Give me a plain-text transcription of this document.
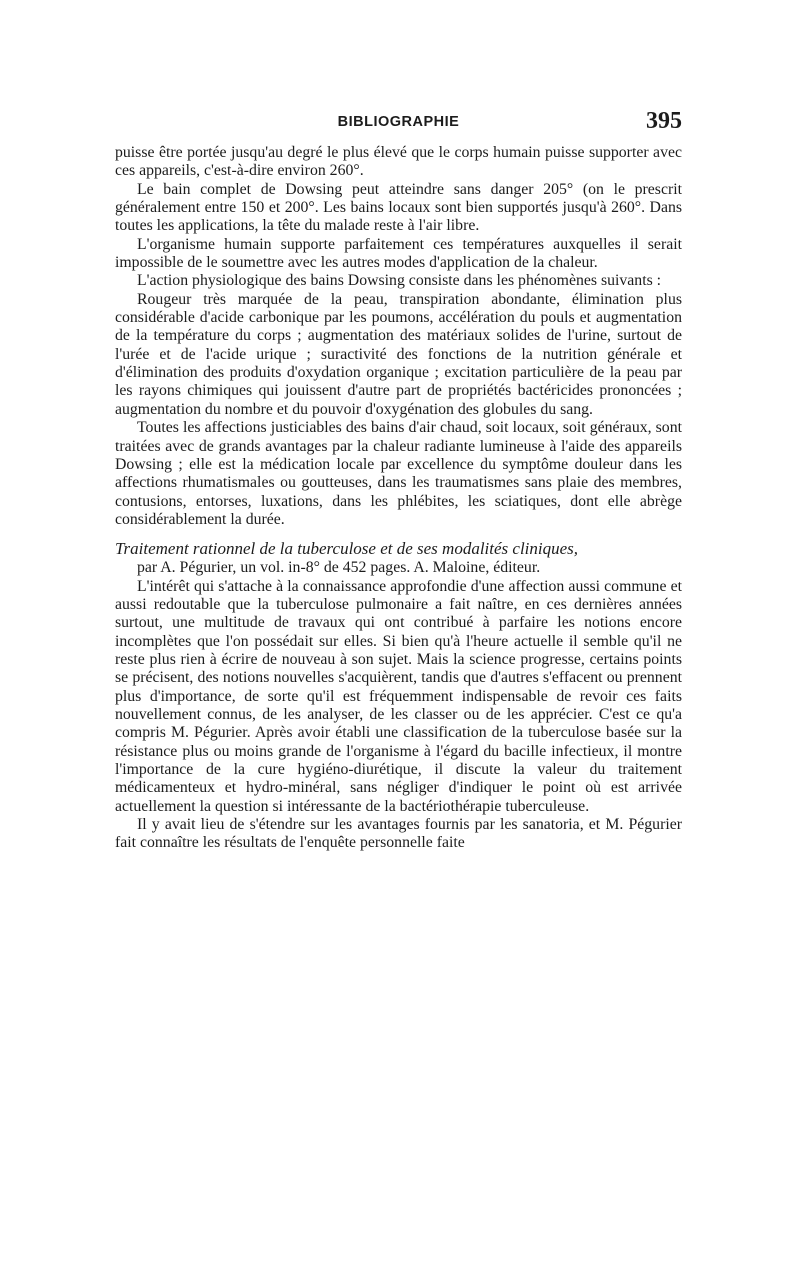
BIBLIOGRAPHIE	395

puisse être portée jusqu'au degré le plus élevé que le corps humain puisse supporter avec ces appareils, c'est-à-dire environ 260°.

Le bain complet de Dowsing peut atteindre sans danger 205° (on le prescrit généralement entre 150 et 200°. Les bains locaux sont bien supportés jusqu'à 260°. Dans toutes les applications, la tête du malade reste à l'air libre.

L'organisme humain supporte parfaitement ces températures auxquelles il serait impossible de le soumettre avec les autres modes d'application de la chaleur.

L'action physiologique des bains Dowsing consiste dans les phénomènes suivants :

Rougeur très marquée de la peau, transpiration abondante, élimination plus considérable d'acide carbonique par les poumons, accélération du pouls et augmentation de la température du corps ; augmentation des matériaux solides de l'urine, surtout de l'urée et de l'acide urique ; suractivité des fonctions de la nutrition générale et d'élimination des produits d'oxydation organique ; excitation particulière de la peau par les rayons chimiques qui jouissent d'autre part de propriétés bactéricides prononcées ; augmentation du nombre et du pouvoir d'oxygénation des globules du sang.

Toutes les affections justiciables des bains d'air chaud, soit locaux, soit généraux, sont traitées avec de grands avantages par la chaleur radiante lumineuse à l'aide des appareils Dowsing ; elle est la médication locale par excellence du symptôme douleur dans les affections rhumatismales ou goutteuses, dans les traumatismes sans plaie des membres, contusions, entorses, luxations, dans les phlébites, les sciatiques, dont elle abrège considérablement la durée.

Traitement rationnel de la tuberculose et de ses modalités cliniques,
par A. Pégurier, un vol. in-8° de 452 pages. A. Maloine, éditeur.

L'intérêt qui s'attache à la connaissance approfondie d'une affection aussi commune et aussi redoutable que la tuberculose pulmonaire a fait naître, en ces dernières années surtout, une multitude de travaux qui ont contribué à parfaire les notions encore incomplètes que l'on possédait sur elles. Si bien qu'à l'heure actuelle il semble qu'il ne reste plus rien à écrire de nouveau à son sujet. Mais la science progresse, certains points se précisent, des notions nouvelles s'acquièrent, tandis que d'autres s'effacent ou prennent plus d'importance, de sorte qu'il est fréquemment indispensable de revoir ces faits nouvellement connus, de les analyser, de les classer ou de les apprécier. C'est ce qu'a compris M. Pégurier. Après avoir établi une classification de la tuberculose basée sur la résistance plus ou moins grande de l'organisme à l'égard du bacille infectieux, il montre l'importance de la cure hygiéno-diurétique, il discute la valeur du traitement médicamenteux et hydro-minéral, sans négliger d'indiquer le point où est arrivée actuellement la question si intéressante de la bactériothérapie tuberculeuse.

Il y avait lieu de s'étendre sur les avantages fournis par les sanatoria, et M. Pégurier fait connaître les résultats de l'enquête personnelle faite
